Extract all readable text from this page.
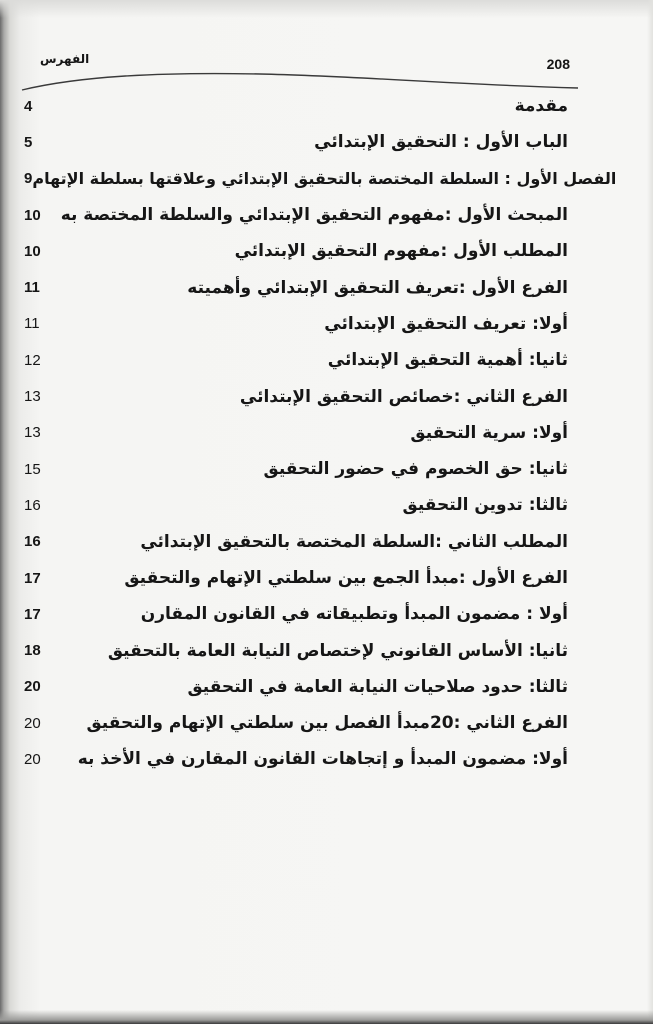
الفهرس	208
4	مقدمة
5	الباب الأول : التحقيق الإبتدائي
9 الفصل الأول : السلطة المختصة بالتحقيق الإبتدائي وعلاقتها بسلطة الإتهام
10	المبحث الأول :مفهوم التحقيق الإبتدائي والسلطة المختصة به
10	المطلب الأول :مفهوم التحقيق الإبتدائي
11	الفرع الأول :تعريف التحقيق الإبتدائي وأهميته
11	أولا: تعريف التحقيق الإبتدائي
12	ثانيا: أهمية التحقيق الإبتدائي
13	الفرع الثاني :خصائص التحقيق الإبتدائي
13	أولا: سرية التحقيق
15	ثانيا: حق الخصوم في حضور التحقيق
16	ثالثا: تدوين التحقيق
16	المطلب الثاني :السلطة المختصة بالتحقيق الإبتدائي
17	الفرع الأول :مبدأ الجمع بين سلطتي الإتهام والتحقيق
17	أولا : مضمون المبدأ وتطبيقاته في القانون المقارن
18	ثانيا: الأساس القانوني لإختصاص النيابة العامة بالتحقيق
20	ثالثا: حدود صلاحيات النيابة العامة في التحقيق
20	الفرع الثاني :20مبدأ الفصل بين سلطتي الإتهام والتحقيق
20	أولا: مضمون المبدأ و إتجاهات القانون المقارن في الأخذ به
